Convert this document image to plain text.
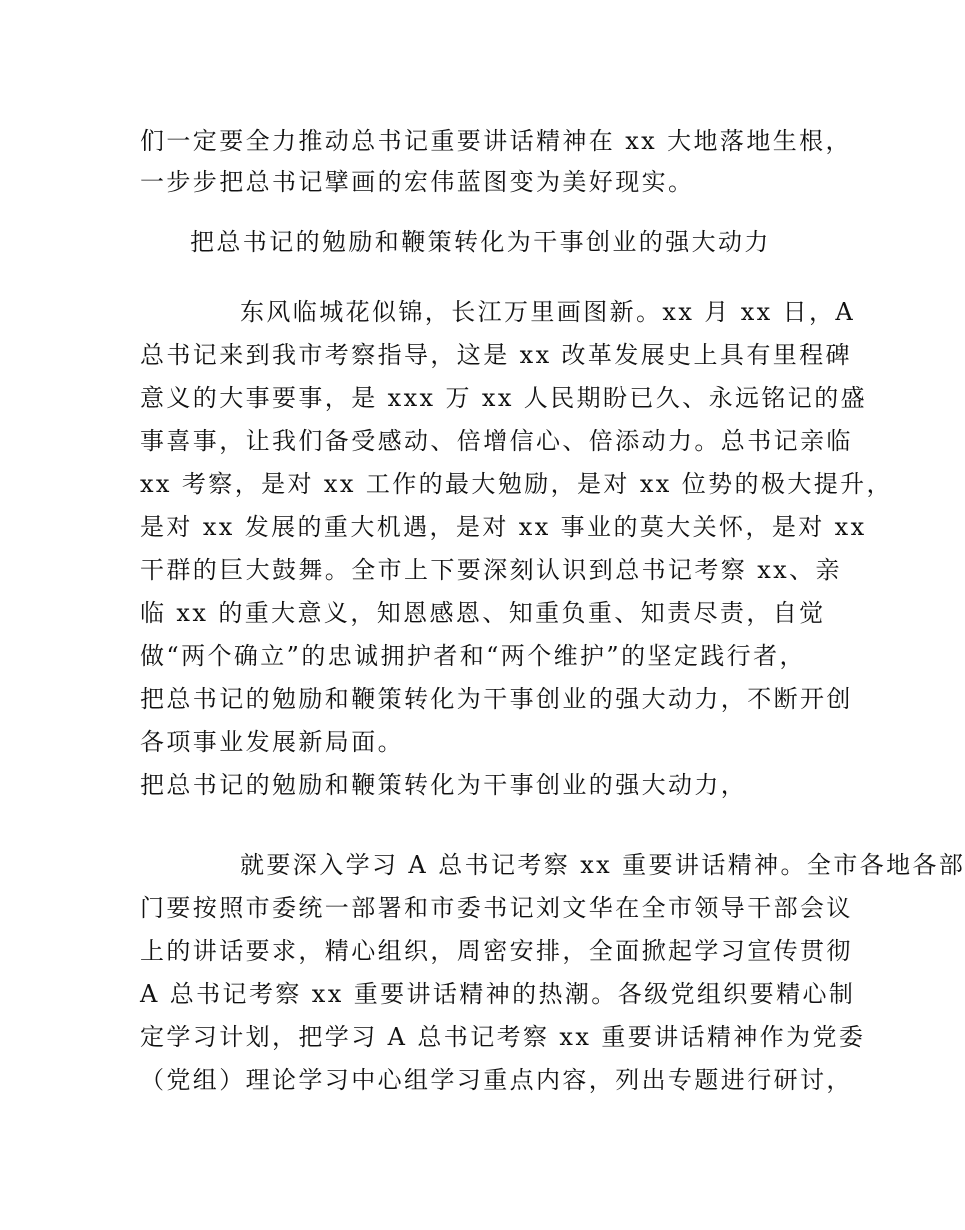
们一定要全力推动总书记重要讲话精神在 xx 大地落地生根，
一步步把总书记擘画的宏伟蓝图变为美好现实。
把总书记的勉励和鞭策转化为干事创业的强大动力
东风临城花似锦，长江万里画图新。xx 月 xx 日，A
总书记来到我市考察指导，这是 xx 改革发展史上具有里程碑
意义的大事要事，是 xxx 万 xx 人民期盼已久、永远铭记的盛
事喜事，让我们备受感动、倍增信心、倍添动力。总书记亲临
xx 考察，是对 xx 工作的最大勉励，是对 xx 位势的极大提升，
是对 xx 发展的重大机遇，是对 xx 事业的莫大关怀，是对 xx
干群的巨大鼓舞。全市上下要深刻认识到总书记考察 xx、亲
临 xx 的重大意义，知恩感恩、知重负重、知责尽责，自觉
做“两个确立”的忠诚拥护者和“两个维护”的坚定践行者，
把总书记的勉励和鞭策转化为干事创业的强大动力，不断开创
各项事业发展新局面。
把总书记的勉励和鞭策转化为干事创业的强大动力，
就要深入学习 A 总书记考察 xx 重要讲话精神。全市各地各部
门要按照市委统一部署和市委书记刘文华在全市领导干部会议
上的讲话要求，精心组织，周密安排，全面掀起学习宣传贯彻
A 总书记考察 xx 重要讲话精神的热潮。各级党组织要精心制
定学习计划，把学习 A 总书记考察 xx 重要讲话精神作为党委
（党组）理论学习中心组学习重点内容，列出专题进行研讨，
